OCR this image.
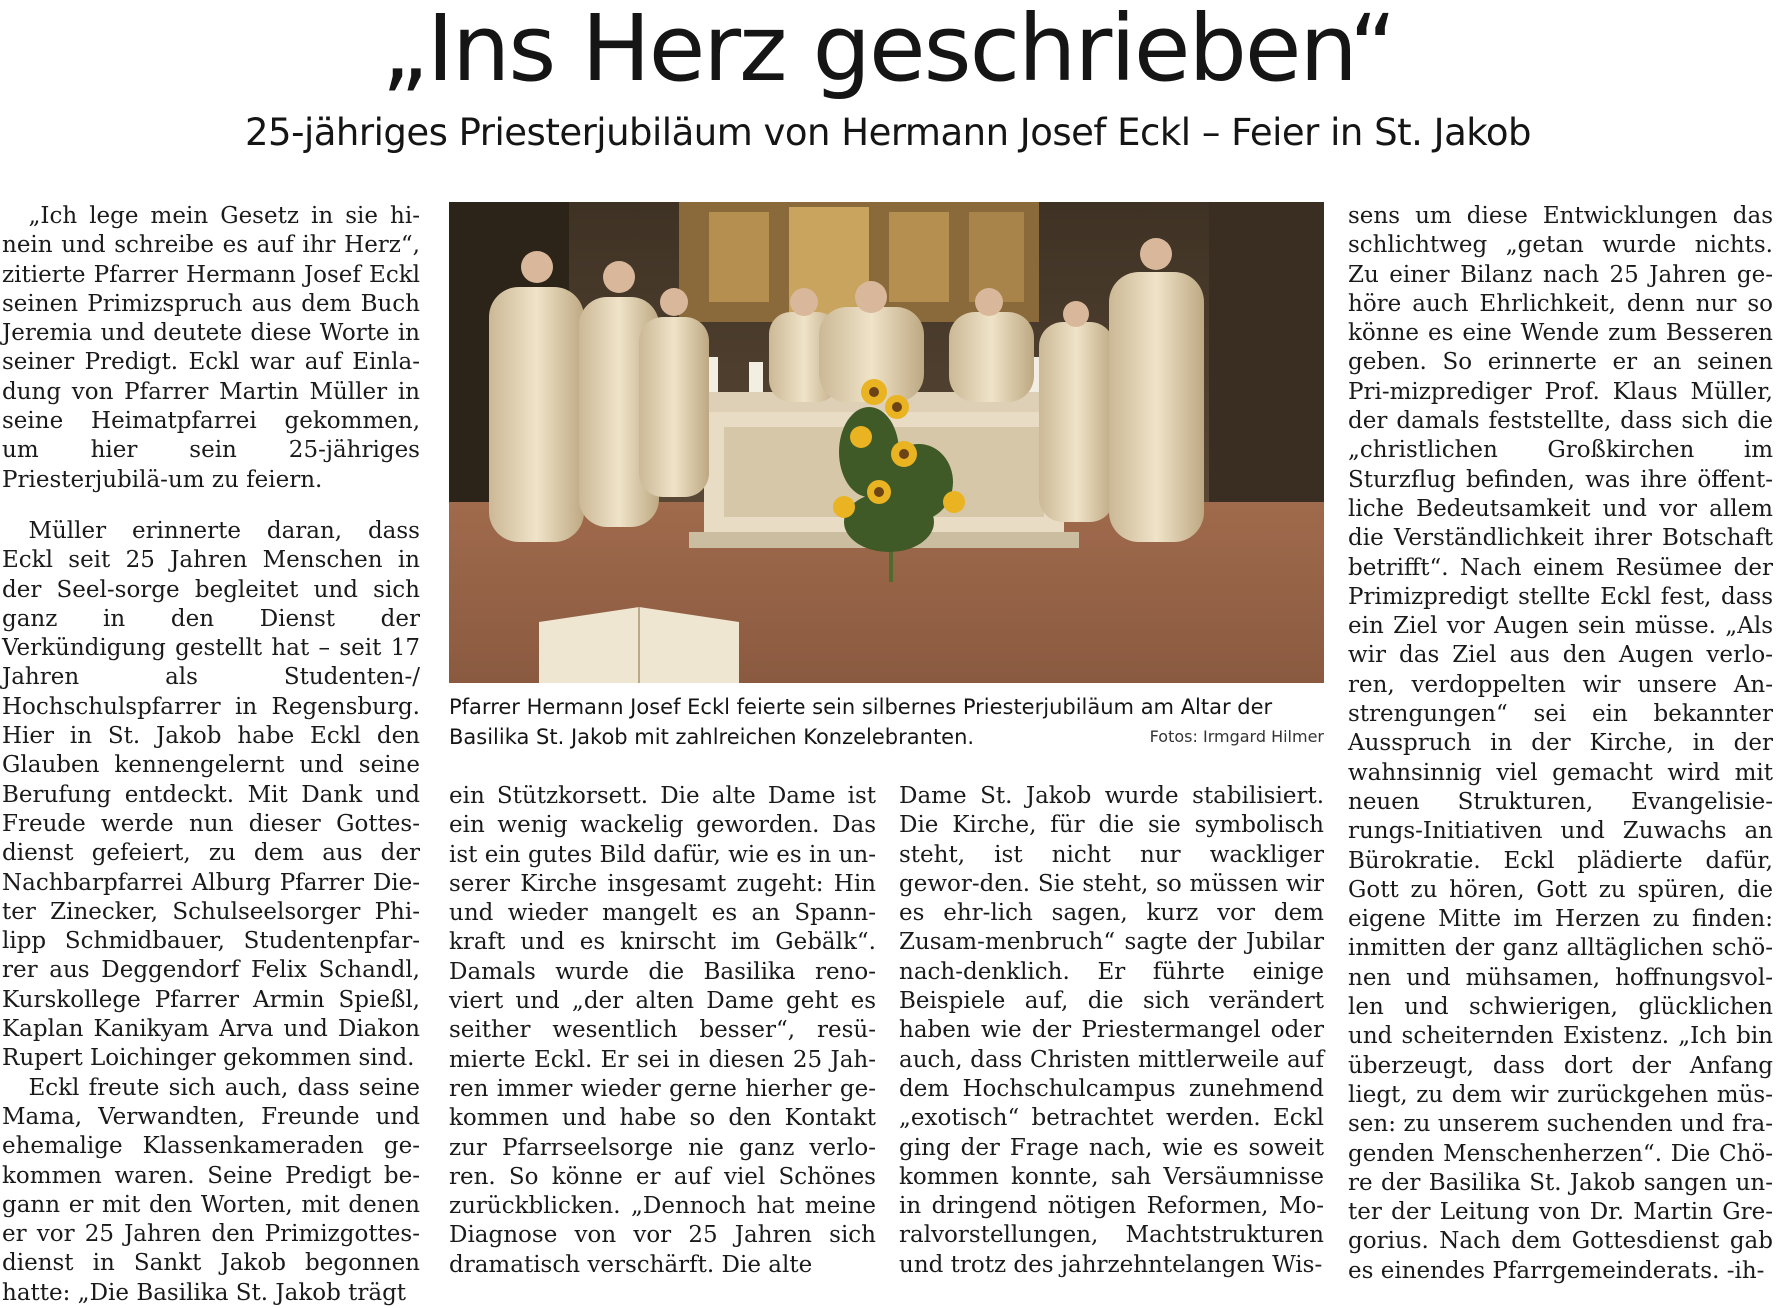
„Ins Herz geschrieben“
25-jähriges Priesterjubiläum von Hermann Josef Eckl – Feier in St. Jakob

„Ich lege mein Gesetz in sie hi-nein und schreibe es auf ihr Herz“, zitierte Pfarrer Hermann Josef Eckl seinen Primizspruch aus dem Buch Jeremia und deutete diese Worte in seiner Predigt. Eckl war auf Einla-dung von Pfarrer Martin Müller in seine Heimatpfarrei gekommen, um hier sein 25-jähriges Priesterjubilä-um zu feiern.

Müller erinnerte daran, dass Eckl seit 25 Jahren Menschen in der Seel-sorge begleitet und sich ganz in den Dienst der Verkündigung gestellt hat – seit 17 Jahren als Studenten-/ Hochschulspfarrer in Regensburg. Hier in St. Jakob habe Eckl den Glauben kennengelernt und seine Berufung entdeckt. Mit Dank und Freude werde nun dieser Gottes-dienst gefeiert, zu dem aus der Nachbarpfarrei Alburg Pfarrer Die-ter Zinecker, Schulseelsorger Phi-lipp Schmidbauer, Studentenpfar-rer aus Deggendorf Felix Schandl, Kurskollege Pfarrer Armin Spießl, Kaplan Kanikyam Arva und Diakon Rupert Loichinger gekommen sind.

Eckl freute sich auch, dass seine Mama, Verwandten, Freunde und ehemalige Klassenkameraden ge-kommen waren. Seine Predigt be-gann er mit den Worten, mit denen er vor 25 Jahren den Primizgottes-dienst in Sankt Jakob begonnen hatte: „Die Basilika St. Jakob trägt

Pfarrer Hermann Josef Eckl feierte sein silbernes Priesterjubiläum am Altar der Basilika St. Jakob mit zahlreichen Konzelebranten.	Fotos: Irmgard Hilmer

ein Stützkorsett. Die alte Dame ist ein wenig wackelig geworden. Das ist ein gutes Bild dafür, wie es in un-serer Kirche insgesamt zugeht: Hin und wieder mangelt es an Spann-kraft und es knirscht im Gebälk“. Damals wurde die Basilika reno-viert und „der alten Dame geht es seither wesentlich besser“, resü-mierte Eckl. Er sei in diesen 25 Jah-ren immer wieder gerne hierher ge-kommen und habe so den Kontakt zur Pfarrseelsorge nie ganz verlo-ren. So könne er auf viel Schönes zurückblicken. „Dennoch hat meine Diagnose von vor 25 Jahren sich dramatisch verschärft. Die alte

Dame St. Jakob wurde stabilisiert. Die Kirche, für die sie symbolisch steht, ist nicht nur wackliger gewor-den. Sie steht, so müssen wir es ehr-lich sagen, kurz vor dem Zusam-menbruch“ sagte der Jubilar nach-denklich. Er führte einige Beispiele auf, die sich verändert haben wie der Priestermangel oder auch, dass Christen mittlerweile auf dem Hochschulcampus zunehmend „exotisch“ betrachtet werden. Eckl ging der Frage nach, wie es soweit kommen konnte, sah Versäumnisse in dringend nötigen Reformen, Mo-ralvorstellungen, Machtstrukturen und trotz des jahrzehntelangen Wis-

sens um diese Entwicklungen das schlichtweg „getan wurde nichts. Zu einer Bilanz nach 25 Jahren ge-höre auch Ehrlichkeit, denn nur so könne es eine Wende zum Besseren geben. So erinnerte er an seinen Pri-mizprediger Prof. Klaus Müller, der damals feststellte, dass sich die „christlichen Großkirchen im Sturzflug befinden, was ihre öffent-liche Bedeutsamkeit und vor allem die Verständlichkeit ihrer Botschaft betrifft“. Nach einem Resümee der Primizpredigt stellte Eckl fest, dass ein Ziel vor Augen sein müsse. „Als wir das Ziel aus den Augen verlo-ren, verdoppelten wir unsere An-strengungen“ sei ein bekannter Ausspruch in der Kirche, in der wahnsinnig viel gemacht wird mit neuen Strukturen, Evangelisie-rungs-Initiativen und Zuwachs an Bürokratie. Eckl plädierte dafür, Gott zu hören, Gott zu spüren, die eigene Mitte im Herzen zu finden: inmitten der ganz alltäglichen schö-nen und mühsamen, hoffnungsvol-len und schwierigen, glücklichen und scheiternden Existenz. „Ich bin überzeugt, dass dort der Anfang liegt, zu dem wir zurückgehen müs-sen: zu unserem suchenden und fra-genden Menschenherzen“. Die Chö-re der Basilika St. Jakob sangen un-ter der Leitung von Dr. Martin Gre-gorius. Nach dem Gottesdienst gab es einendes Pfarrgemeinderats. -ih-
